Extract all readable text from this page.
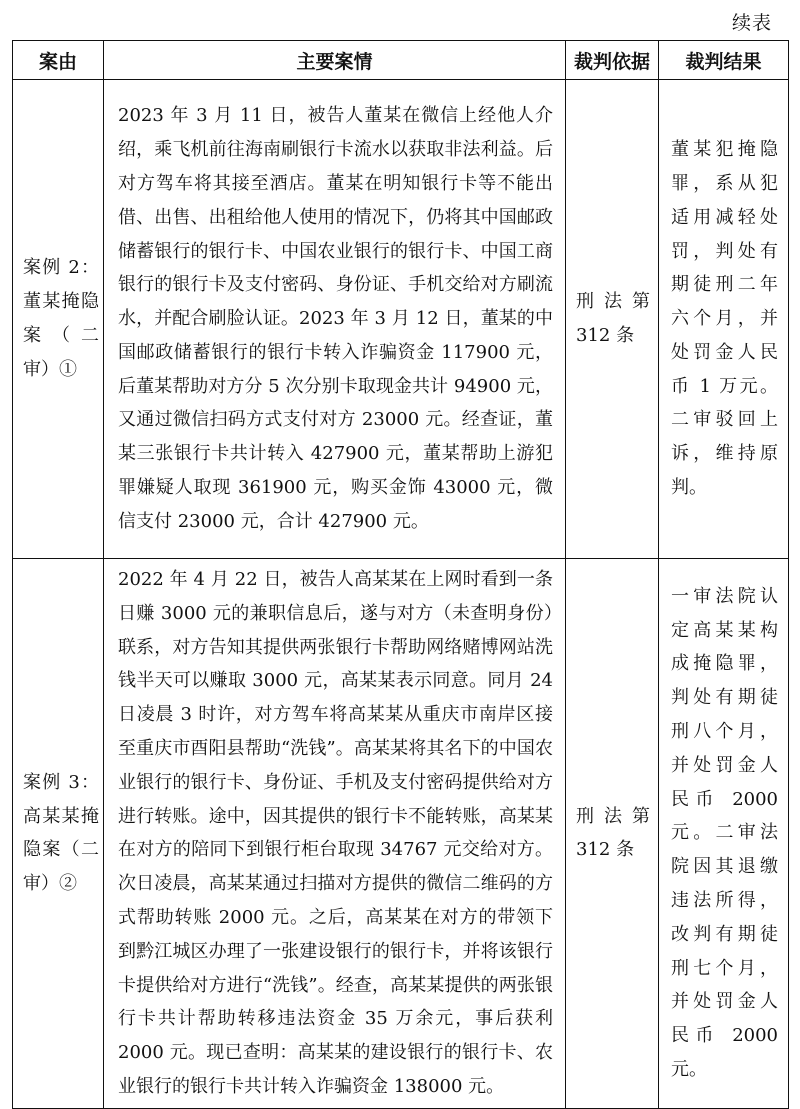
续表
案由	主要案情	裁判依据	裁判结果

案例 2：董某掩隐案（二审）①	2023 年 3 月 11 日，被告人董某在微信上经他人介绍，乘飞机前往海南刷银行卡流水以获取非法利益。后对方驾车将其接至酒店。董某在明知银行卡等不能出借、出售、出租给他人使用的情况下，仍将其中国邮政储蓄银行的银行卡、中国农业银行的银行卡、中国工商银行的银行卡及支付密码、身份证、手机交给对方刷流水，并配合刷脸认证。2023 年 3 月 12 日，董某的中国邮政储蓄银行的银行卡转入诈骗资金 117900 元，后董某帮助对方分 5 次分别卡取现金共计 94900 元，又通过微信扫码方式支付对方 23000 元。经查证，董某三张银行卡共计转入 427900 元，董某帮助上游犯罪嫌疑人取现 361900 元，购买金饰 43000 元，微信支付 23000 元，合计 427900 元。	刑法第 312 条	董某犯掩隐罪，系从犯适用减轻处罚，判处有期徒刑二年六个月，并处罚金人民币 1 万元。二审驳回上诉，维持原判。

案例 3：高某某掩隐案（二审）②	2022 年 4 月 22 日，被告人高某某在上网时看到一条日赚 3000 元的兼职信息后，遂与对方（未查明身份）联系，对方告知其提供两张银行卡帮助网络赌博网站洗钱半天可以赚取 3000 元，高某某表示同意。同月 24 日凌晨 3 时许，对方驾车将高某某从重庆市南岸区接至重庆市酉阳县帮助“洗钱”。高某某将其名下的中国农业银行的银行卡、身份证、手机及支付密码提供给对方进行转账。途中，因其提供的银行卡不能转账，高某某在对方的陪同下到银行柜台取现 34767 元交给对方。次日凌晨，高某某通过扫描对方提供的微信二维码的方式帮助转账 2000 元。之后，高某某在对方的带领下到黔江城区办理了一张建设银行的银行卡，并将该银行卡提供给对方进行“洗钱”。经查，高某某提供的两张银行卡共计帮助转移违法资金 35 万余元，事后获利 2000 元。现已查明：高某某的建设银行的银行卡、农业银行的银行卡共计转入诈骗资金 138000 元。	刑法第 312 条	一审法院认定高某某构成掩隐罪，判处有期徒刑八个月，并处罚金人民币 2000 元。二审法院因其退缴违法所得，改判有期徒刑七个月，并处罚金人民币 2000 元。
